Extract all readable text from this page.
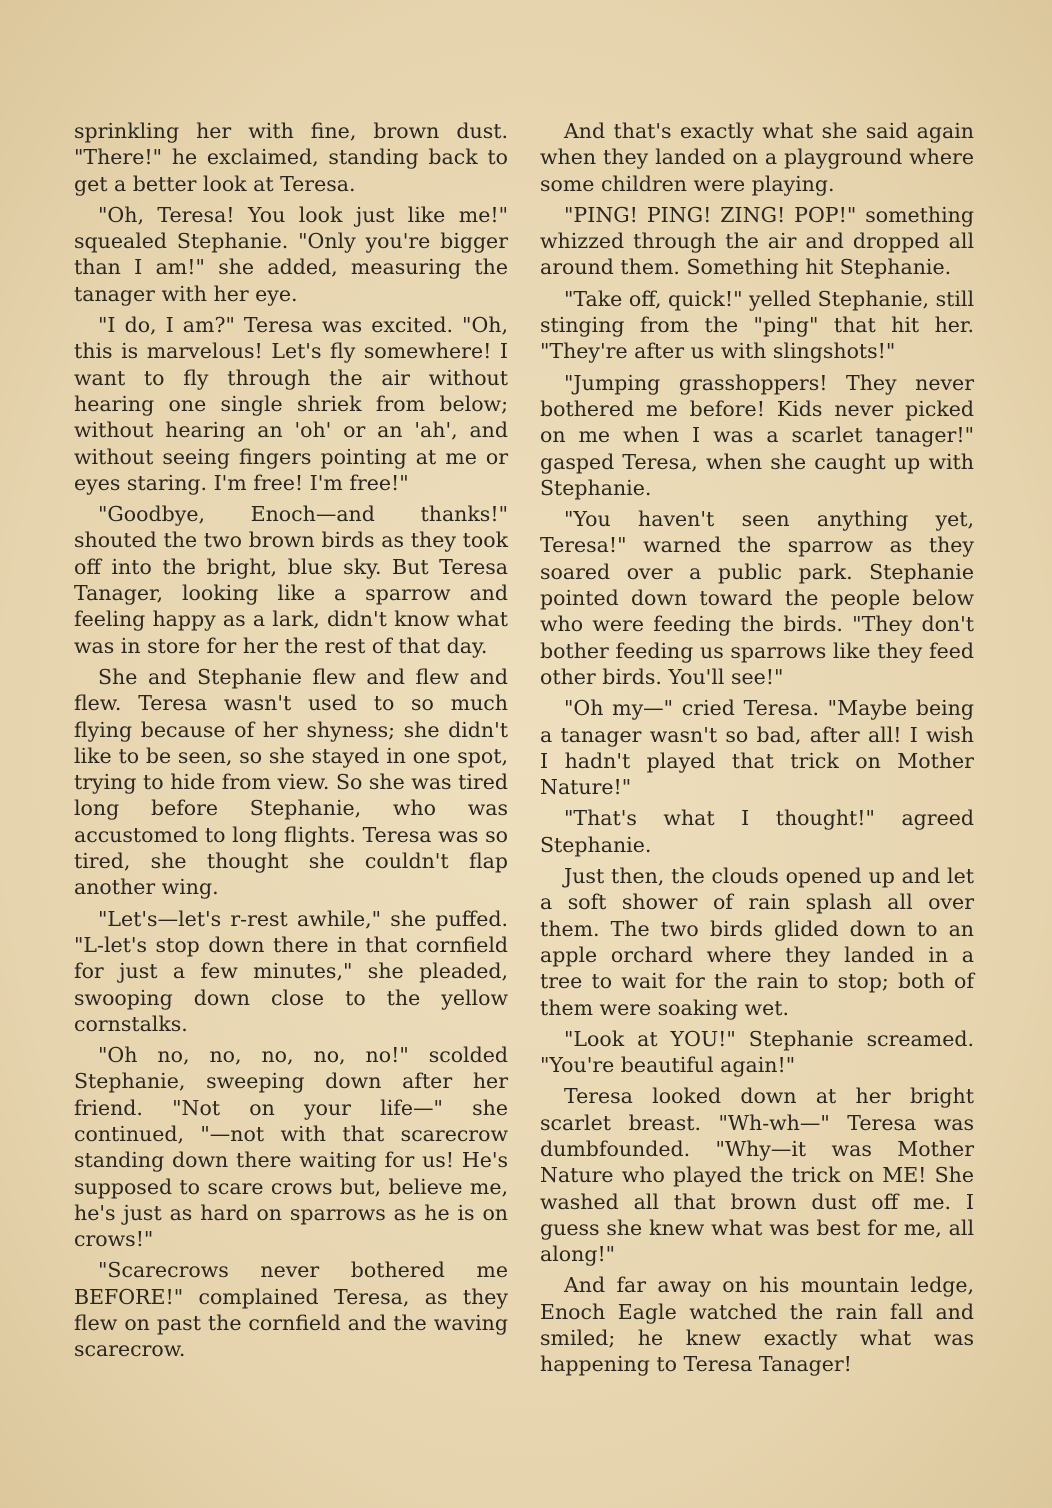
sprinkling her with fine, brown dust. "There!" he exclaimed, standing back to get a better look at Teresa.

"Oh, Teresa! You look just like me!" squealed Stephanie. "Only you're bigger than I am!" she added, measuring the tanager with her eye.

"I do, I am?" Teresa was excited. "Oh, this is marvelous! Let's fly somewhere! I want to fly through the air without hearing one single shriek from below; without hearing an 'oh' or an 'ah', and without seeing fingers pointing at me or eyes staring. I'm free! I'm free!"

"Goodbye, Enoch—and thanks!" shouted the two brown birds as they took off into the bright, blue sky. But Teresa Tanager, looking like a sparrow and feeling happy as a lark, didn't know what was in store for her the rest of that day.

She and Stephanie flew and flew and flew. Teresa wasn't used to so much flying because of her shyness; she didn't like to be seen, so she stayed in one spot, trying to hide from view. So she was tired long before Stephanie, who was accustomed to long flights. Teresa was so tired, she thought she couldn't flap another wing.

"Let's—let's r-rest awhile," she puffed. "L-let's stop down there in that cornfield for just a few minutes," she pleaded, swooping down close to the yellow cornstalks.

"Oh no, no, no, no, no!" scolded Stephanie, sweeping down after her friend. "Not on your life—" she continued, "—not with that scarecrow standing down there waiting for us! He's supposed to scare crows but, believe me, he's just as hard on sparrows as he is on crows!"

"Scarecrows never bothered me BEFORE!" complained Teresa, as they flew on past the cornfield and the waving scarecrow.

And that's exactly what she said again when they landed on a playground where some children were playing.

"PING! PING! ZING! POP!" something whizzed through the air and dropped all around them. Something hit Stephanie.

"Take off, quick!" yelled Stephanie, still stinging from the "ping" that hit her. "They're after us with slingshots!"

"Jumping grasshoppers! They never bothered me before! Kids never picked on me when I was a scarlet tanager!" gasped Teresa, when she caught up with Stephanie.

"You haven't seen anything yet, Teresa!" warned the sparrow as they soared over a public park. Stephanie pointed down toward the people below who were feeding the birds. "They don't bother feeding us sparrows like they feed other birds. You'll see!"

"Oh my—" cried Teresa. "Maybe being a tanager wasn't so bad, after all! I wish I hadn't played that trick on Mother Nature!"

"That's what I thought!" agreed Stephanie.

Just then, the clouds opened up and let a soft shower of rain splash all over them. The two birds glided down to an apple orchard where they landed in a tree to wait for the rain to stop; both of them were soaking wet.

"Look at YOU!" Stephanie screamed. "You're beautiful again!"

Teresa looked down at her bright scarlet breast. "Wh-wh—" Teresa was dumbfounded. "Why—it was Mother Nature who played the trick on ME! She washed all that brown dust off me. I guess she knew what was best for me, all along!"

And far away on his mountain ledge, Enoch Eagle watched the rain fall and smiled; he knew exactly what was happening to Teresa Tanager!
